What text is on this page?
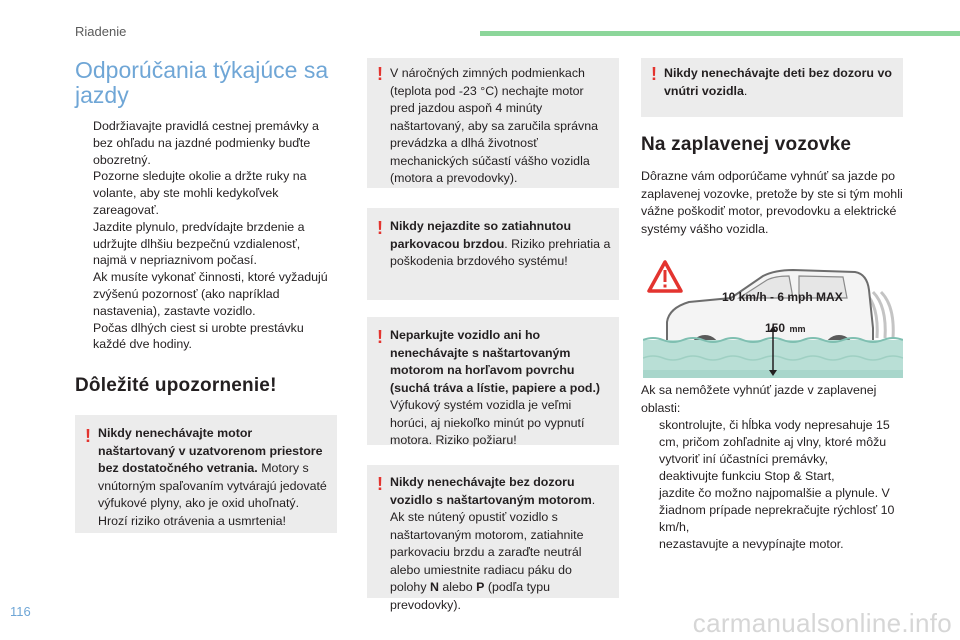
Riadenie
Odporúčania týkajúce sa jazdy
Dodržiavajte pravidlá cestnej premávky a bez ohľadu na jazdné podmienky buďte obozretný.
Pozorne sledujte okolie a držte ruky na volante, aby ste mohli kedykoľvek zareagovať.
Jazdite plynulo, predvídajte brzdenie a udržujte dlhšiu bezpečnú vzdialenosť, najmä v nepriaznivom počasí.
Ak musíte vykonať činnosti, ktoré vyžadujú zvýšenú pozornosť (ako napríklad nastavenia), zastavte vozidlo.
Počas dlhých ciest si urobte prestávku každé dve hodiny.
Dôležité upozornenie!
! Nikdy nenechávajte motor naštartovaný v uzatvorenom priestore bez dostatočného vetrania. Motory s vnútorným spaľovaním vytvárajú jedovaté výfukové plyny, ako je oxid uhoľnatý. Hrozí riziko otrávenia a usmrtenia!
! V náročných zimných podmienkach (teplota pod -23 °C) nechajte motor pred jazdou aspoň 4 minúty naštartovaný, aby sa zaručila správna prevádzka a dlhá životnosť mechanických súčastí vášho vozidla (motora a prevodovky).
! Nikdy nejazdite so zatiahnutou parkovacou brzdou. Riziko prehriatia a poškodenia brzdového systému!
! Neparkujte vozidlo ani ho nenechávajte s naštartovaným motorom na horľavom povrchu (suchá tráva a lístie, papiere a pod.) Výfukový systém vozidla je veľmi horúci, aj niekoľko minút po vypnutí motora. Riziko požiaru!
! Nikdy nenechávajte bez dozoru vozidlo s naštartovaným motorom. Ak ste nútený opustiť vozidlo s naštartovaným motorom, zatiahnite parkovaciu brzdu a zaraďte neutrál alebo umiestnite radiacu páku do polohy N alebo P (podľa typu prevodovky).
! Nikdy nenechávajte deti bez dozoru vo vnútri vozidla.
Na zaplavenej vozovke

Dôrazne vám odporúčame vyhnúť sa jazde po zaplavenej vozovke, pretože by ste si tým mohli vážne poškodiť motor, prevodovku a elektrické systémy vášho vozidla.

10 km/h - 6 mph MAX
150 mm

Ak sa nemôžete vyhnúť jazde v zaplavenej oblasti:

skontrolujte, či hĺbka vody nepresahuje 15 cm, pričom zohľadnite aj vlny, ktoré môžu vytvoriť iní účastníci premávky,
deaktivujte funkciu Stop & Start,
jazdite čo možno najpomalšie a plynule. V žiadnom prípade neprekračujte rýchlosť 10 km/h,
nezastavujte a nevypínajte motor.
116	carmanualsonline.info
